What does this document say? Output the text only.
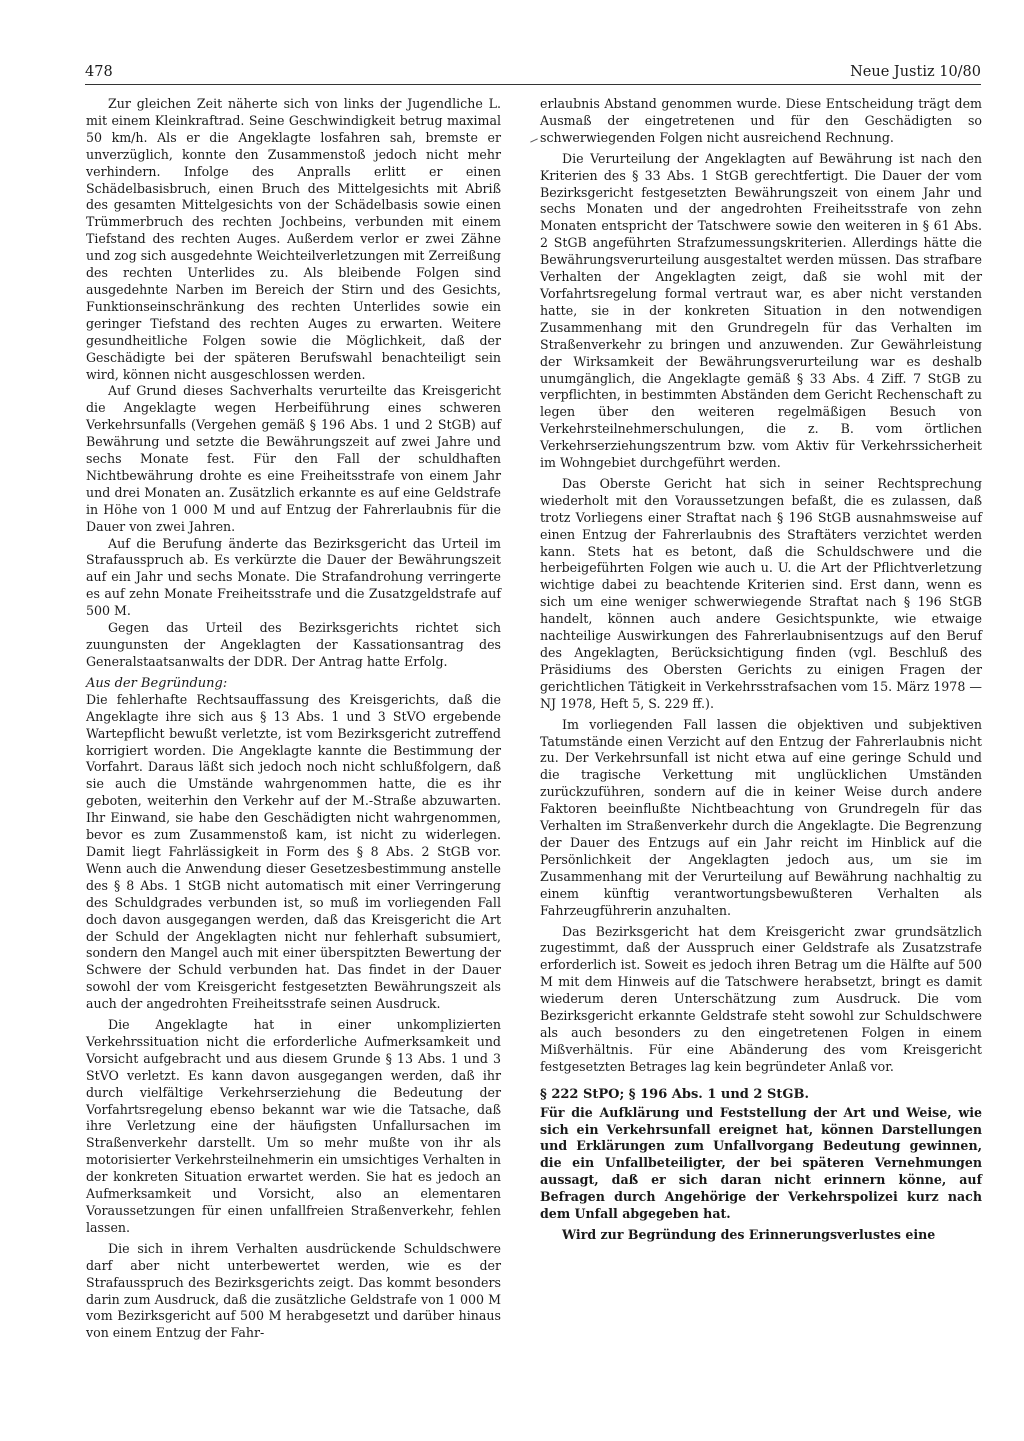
478	Neue Justiz 10/80

Zur gleichen Zeit näherte sich von links der Jugendliche L. mit einem Kleinkraftrad. Seine Geschwindigkeit betrug maximal 50 km/h. Als er die Angeklagte losfahren sah, bremste er unverzüglich, konnte den Zusammenstoß jedoch nicht mehr verhindern. Infolge des Anpralls erlitt er einen Schädelbasisbruch, einen Bruch des Mittelgesichts mit Abriß des gesamten Mittelgesichts von der Schädelbasis sowie einen Trümmerbruch des rechten Jochbeins, verbunden mit einem Tiefstand des rechten Auges. Außerdem verlor er zwei Zähne und zog sich ausgedehnte Weichteilverletzungen mit Zerreißung des rechten Unterlides zu. Als bleibende Folgen sind ausgedehnte Narben im Bereich der Stirn und des Gesichts, Funktionseinschränkung des rechten Unterlides sowie ein geringer Tiefstand des rechten Auges zu erwarten. Weitere gesundheitliche Folgen sowie die Möglichkeit, daß der Geschädigte bei der späteren Berufswahl benachteiligt sein wird, können nicht ausgeschlossen werden.

Auf Grund dieses Sachverhalts verurteilte das Kreisgericht die Angeklagte wegen Herbeiführung eines schweren Verkehrsunfalls (Vergehen gemäß § 196 Abs. 1 und 2 StGB) auf Bewährung und setzte die Bewährungszeit auf zwei Jahre und sechs Monate fest. Für den Fall der schuldhaften Nichtbewährung drohte es eine Freiheitsstrafe von einem Jahr und drei Monaten an. Zusätzlich erkannte es auf eine Geldstrafe in Höhe von 1 000 M und auf Entzug der Fahrerlaubnis für die Dauer von zwei Jahren.

Auf die Berufung änderte das Bezirksgericht das Urteil im Strafausspruch ab. Es verkürzte die Dauer der Bewährungszeit auf ein Jahr und sechs Monate. Die Strafandrohung verringerte es auf zehn Monate Freiheitsstrafe und die Zusatzgeldstrafe auf 500 M.

Gegen das Urteil des Bezirksgerichts richtet sich zuungunsten der Angeklagten der Kassationsantrag des Generalstaatsanwalts der DDR. Der Antrag hatte Erfolg.

Aus der Begründung:

Die fehlerhafte Rechtsauffassung des Kreisgerichts, daß die Angeklagte ihre sich aus § 13 Abs. 1 und 3 StVO ergebende Wartepflicht bewußt verletzte, ist vom Bezirksgericht zutreffend korrigiert worden. Die Angeklagte kannte die Bestimmung der Vorfahrt. Daraus läßt sich jedoch noch nicht schlußfolgern, daß sie auch die Umstände wahrgenommen hatte, die es ihr geboten, weiterhin den Verkehr auf der M.-Straße abzuwarten. Ihr Einwand, sie habe den Geschädigten nicht wahrgenommen, bevor es zum Zusammenstoß kam, ist nicht zu widerlegen. Damit liegt Fahrlässigkeit in Form des § 8 Abs. 2 StGB vor. Wenn auch die Anwendung dieser Gesetzesbestimmung anstelle des § 8 Abs. 1 StGB nicht automatisch mit einer Verringerung des Schuldgrades verbunden ist, so muß im vorliegenden Fall doch davon ausgegangen werden, daß das Kreisgericht die Art der Schuld der Angeklagten nicht nur fehlerhaft subsumiert, sondern den Mangel auch mit einer überspitzten Bewertung der Schwere der Schuld verbunden hat. Das findet in der Dauer sowohl der vom Kreisgericht festgesetzten Bewährungszeit als auch der angedrohten Freiheitsstrafe seinen Ausdruck.

Die Angeklagte hat in einer unkomplizierten Verkehrssituation nicht die erforderliche Aufmerksamkeit und Vorsicht aufgebracht und aus diesem Grunde § 13 Abs. 1 und 3 StVO verletzt. Es kann davon ausgegangen werden, daß ihr durch vielfältige Verkehrserziehung die Bedeutung der Vorfahrtsregelung ebenso bekannt war wie die Tatsache, daß ihre Verletzung eine der häufigsten Unfallursachen im Straßenverkehr darstellt. Um so mehr mußte von ihr als motorisierter Verkehrsteilnehmerin ein umsichtiges Verhalten in der konkreten Situation erwartet werden. Sie hat es jedoch an Aufmerksamkeit und Vorsicht, also an elementaren Voraussetzungen für einen unfallfreien Straßenverkehr, fehlen lassen.

Die sich in ihrem Verhalten ausdrückende Schuldschwere darf aber nicht unterbewertet werden, wie es der Strafausspruch des Bezirksgerichts zeigt. Das kommt besonders darin zum Ausdruck, daß die zusätzliche Geldstrafe von 1 000 M vom Bezirksgericht auf 500 M herabgesetzt und darüber hinaus von einem Entzug der Fahr-

erlaubnis Abstand genommen wurde. Diese Entscheidung trägt dem Ausmaß der eingetretenen und für den Geschädigten so schwerwiegenden Folgen nicht ausreichend Rechnung.

Die Verurteilung der Angeklagten auf Bewährung ist nach den Kriterien des § 33 Abs. 1 StGB gerechtfertigt. Die Dauer der vom Bezirksgericht festgesetzten Bewährungszeit von einem Jahr und sechs Monaten und der angedrohten Freiheitsstrafe von zehn Monaten entspricht der Tatschwere sowie den weiteren in § 61 Abs. 2 StGB angeführten Strafzumessungskriterien. Allerdings hätte die Bewährungsverurteilung ausgestaltet werden müssen. Das strafbare Verhalten der Angeklagten zeigt, daß sie wohl mit der Vorfahrtsregelung formal vertraut war, es aber nicht verstanden hatte, sie in der konkreten Situation in den notwendigen Zusammenhang mit den Grundregeln für das Verhalten im Straßenverkehr zu bringen und anzuwenden. Zur Gewährleistung der Wirksamkeit der Bewährungsverurteilung war es deshalb unumgänglich, die Angeklagte gemäß § 33 Abs. 4 Ziff. 7 StGB zu verpflichten, in bestimmten Abständen dem Gericht Rechenschaft zu legen über den weiteren regelmäßigen Besuch von Verkehrsteilnehmerschulungen, die z. B. vom örtlichen Verkehrserziehungszentrum bzw. vom Aktiv für Verkehrssicherheit im Wohngebiet durchgeführt werden.

Das Oberste Gericht hat sich in seiner Rechtsprechung wiederholt mit den Voraussetzungen befaßt, die es zulassen, daß trotz Vorliegens einer Straftat nach § 196 StGB ausnahmsweise auf einen Entzug der Fahrerlaubnis des Straftäters verzichtet werden kann. Stets hat es betont, daß die Schuldschwere und die herbeigeführten Folgen wie auch u. U. die Art der Pflichtverletzung wichtige dabei zu beachtende Kriterien sind. Erst dann, wenn es sich um eine weniger schwerwiegende Straftat nach § 196 StGB handelt, können auch andere Gesichtspunkte, wie etwaige nachteilige Auswirkungen des Fahrerlaubnisentzugs auf den Beruf des Angeklagten, Berücksichtigung finden (vgl. Beschluß des Präsidiums des Obersten Gerichts zu einigen Fragen der gerichtlichen Tätigkeit in Verkehrsstrafsachen vom 15. März 1978 — NJ 1978, Heft 5, S. 229 ff.).

Im vorliegenden Fall lassen die objektiven und subjektiven Tatumstände einen Verzicht auf den Entzug der Fahrerlaubnis nicht zu. Der Verkehrsunfall ist nicht etwa auf eine geringe Schuld und die tragische Verkettung mit unglücklichen Umständen zurückzuführen, sondern auf die in keiner Weise durch andere Faktoren beeinflußte Nichtbeachtung von Grundregeln für das Verhalten im Straßenverkehr durch die Angeklagte. Die Begrenzung der Dauer des Entzugs auf ein Jahr reicht im Hinblick auf die Persönlichkeit der Angeklagten jedoch aus, um sie im Zusammenhang mit der Verurteilung auf Bewährung nachhaltig zu einem künftig verantwortungsbewußteren Verhalten als Fahrzeugführerin anzuhalten.

Das Bezirksgericht hat dem Kreisgericht zwar grundsätzlich zugestimmt, daß der Ausspruch einer Geldstrafe als Zusatzstrafe erforderlich ist. Soweit es jedoch ihren Betrag um die Hälfte auf 500 M mit dem Hinweis auf die Tatschwere herabsetzt, bringt es damit wiederum deren Unterschätzung zum Ausdruck. Die vom Bezirksgericht erkannte Geldstrafe steht sowohl zur Schuldschwere als auch besonders zu den eingetretenen Folgen in einem Mißverhältnis. Für eine Abänderung des vom Kreisgericht festgesetzten Betrages lag kein begründeter Anlaß vor.

§ 222 StPO; § 196 Abs. 1 und 2 StGB.

Für die Aufklärung und Feststellung der Art und Weise, wie sich ein Verkehrsunfall ereignet hat, können Darstellungen und Erklärungen zum Unfallvorgang Bedeutung gewinnen, die ein Unfallbeteiligter, der bei späteren Vernehmungen aussagt, daß er sich daran nicht erinnern könne, auf Befragen durch Angehörige der Verkehrspolizei kurz nach dem Unfall abgegeben hat.

Wird zur Begründung des Erinnerungsverlustes eine
